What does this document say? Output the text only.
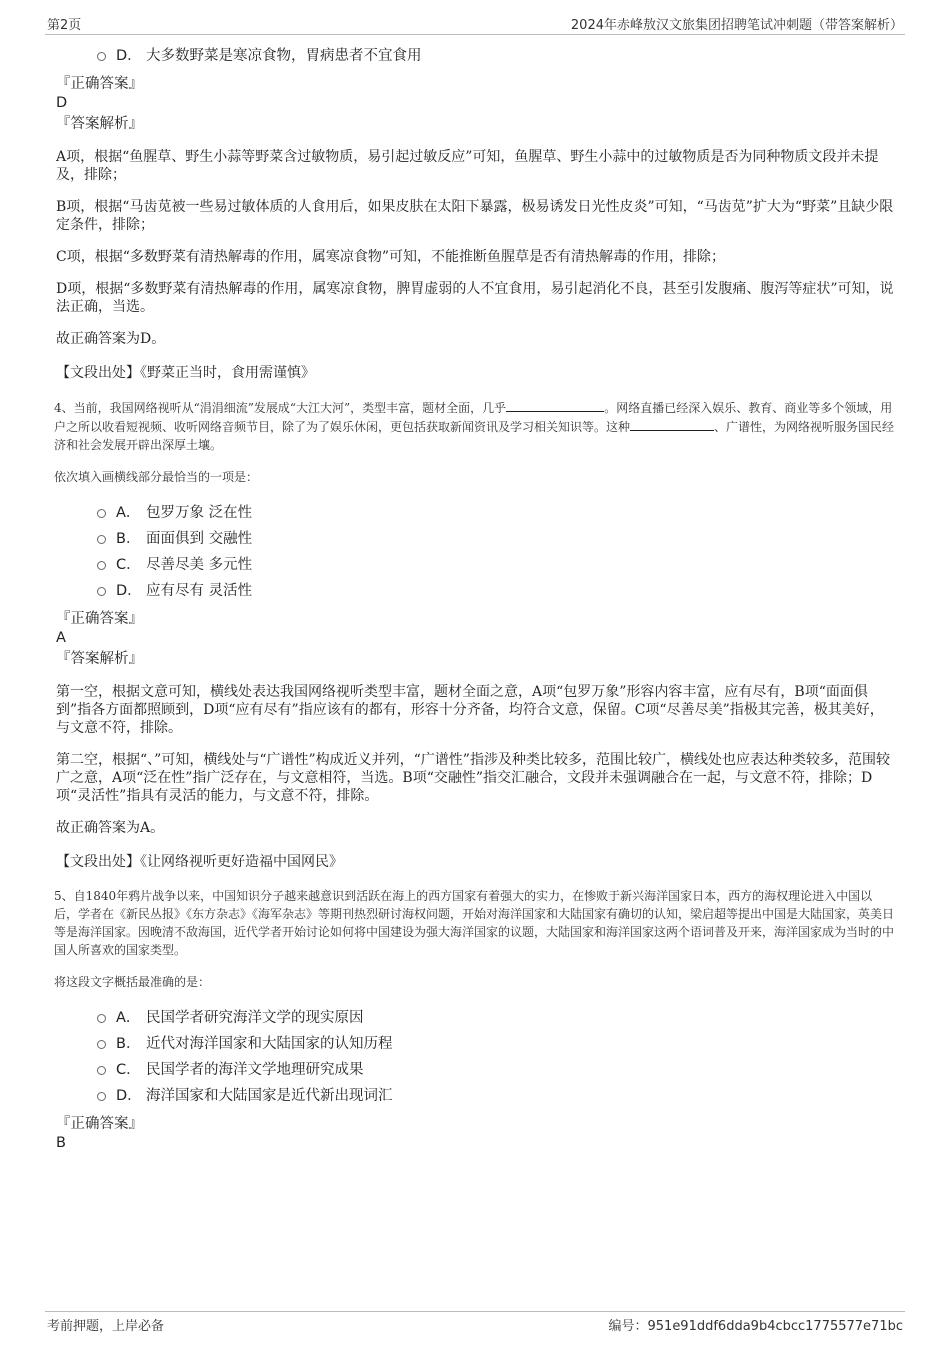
第2页	2024年赤峰敖汉文旅集团招聘笔试冲刺题（带答案解析）
D． 大多数野菜是寒凉食物，胃病患者不宜食用
『正确答案』
D
『答案解析』

A项，根据“鱼腥草、野生小蒜等野菜含过敏物质，易引起过敏反应”可知，鱼腥草、野生小蒜中的过敏物质是否为同种物质文段并未提及，排除；

B项，根据“马齿苋被一些易过敏体质的人食用后，如果皮肤在太阳下暴露，极易诱发日光性皮炎”可知，“马齿苋”扩大为“野菜”且缺少限定条件，排除；

C项，根据“多数野菜有清热解毒的作用，属寒凉食物”可知，不能推断鱼腥草是否有清热解毒的作用，排除；

D项，根据“多数野菜有清热解毒的作用，属寒凉食物，脾胃虚弱的人不宜食用，易引起消化不良，甚至引发腹痛、腹泻等症状”可知，说法正确，当选。

故正确答案为D。

【文段出处】《野菜正当时，食用需谨慎》

4、当前，我国网络视听从“涓涓细流”发展成“大江大河”，类型丰富，题材全面，几乎	。网络直播已经深入娱乐、教育、商业等多个领域，用户之所以收看短视频、收听网络音频节目，除了为了娱乐休闲，更包括获取新闻资讯及学习相关知识等。这种	、广谱性，为网络视听服务国民经济和社会发展开辟出深厚土壤。

依次填入画横线部分最恰当的一项是：

A． 包罗万象 泛在性
B． 面面俱到 交融性
C． 尽善尽美 多元性
D． 应有尽有 灵活性
『正确答案』
A
『答案解析』

第一空，根据文意可知，横线处表达我国网络视听类型丰富，题材全面之意，A项“包罗万象”形容内容丰富，应有尽有，B项“面面俱到”指各方面都照顾到，D项“应有尽有”指应该有的都有，形容十分齐备，均符合文意，保留。C项“尽善尽美”指极其完善，极其美好，与文意不符，排除。

第二空，根据“、”可知，横线处与“广谱性”构成近义并列，“广谱性”指涉及种类比较多，范围比较广，横线处也应表达种类较多，范围较广之意，A项“泛在性”指广泛存在，与文意相符，当选。B项“交融性”指交汇融合，文段并未强调融合在一起，与文意不符，排除；D项“灵活性”指具有灵活的能力，与文意不符，排除。

故正确答案为A。

【文段出处】《让网络视听更好造福中国网民》

5、自1840年鸦片战争以来，中国知识分子越来越意识到活跃在海上的西方国家有着强大的实力，在惨败于新兴海洋国家日本，西方的海权理论进入中国以后，学者在《新民丛报》《东方杂志》《海军杂志》等期刊热烈研讨海权问题，开始对海洋国家和大陆国家有确切的认知，梁启超等提出中国是大陆国家，英美日等是海洋国家。因晚清不敌海国，近代学者开始讨论如何将中国建设为强大海洋国家的议题，大陆国家和海洋国家这两个语词普及开来，海洋国家成为当时的中国人所喜欢的国家类型。

将这段文字概括最准确的是：

A． 民国学者研究海洋文学的现实原因
B． 近代对海洋国家和大陆国家的认知历程
C． 民国学者的海洋文学地理研究成果
D． 海洋国家和大陆国家是近代新出现词汇
『正确答案』
B
考前押题，上岸必备	编号：951e91ddf6dda9b4cbcc1775577e71bc
